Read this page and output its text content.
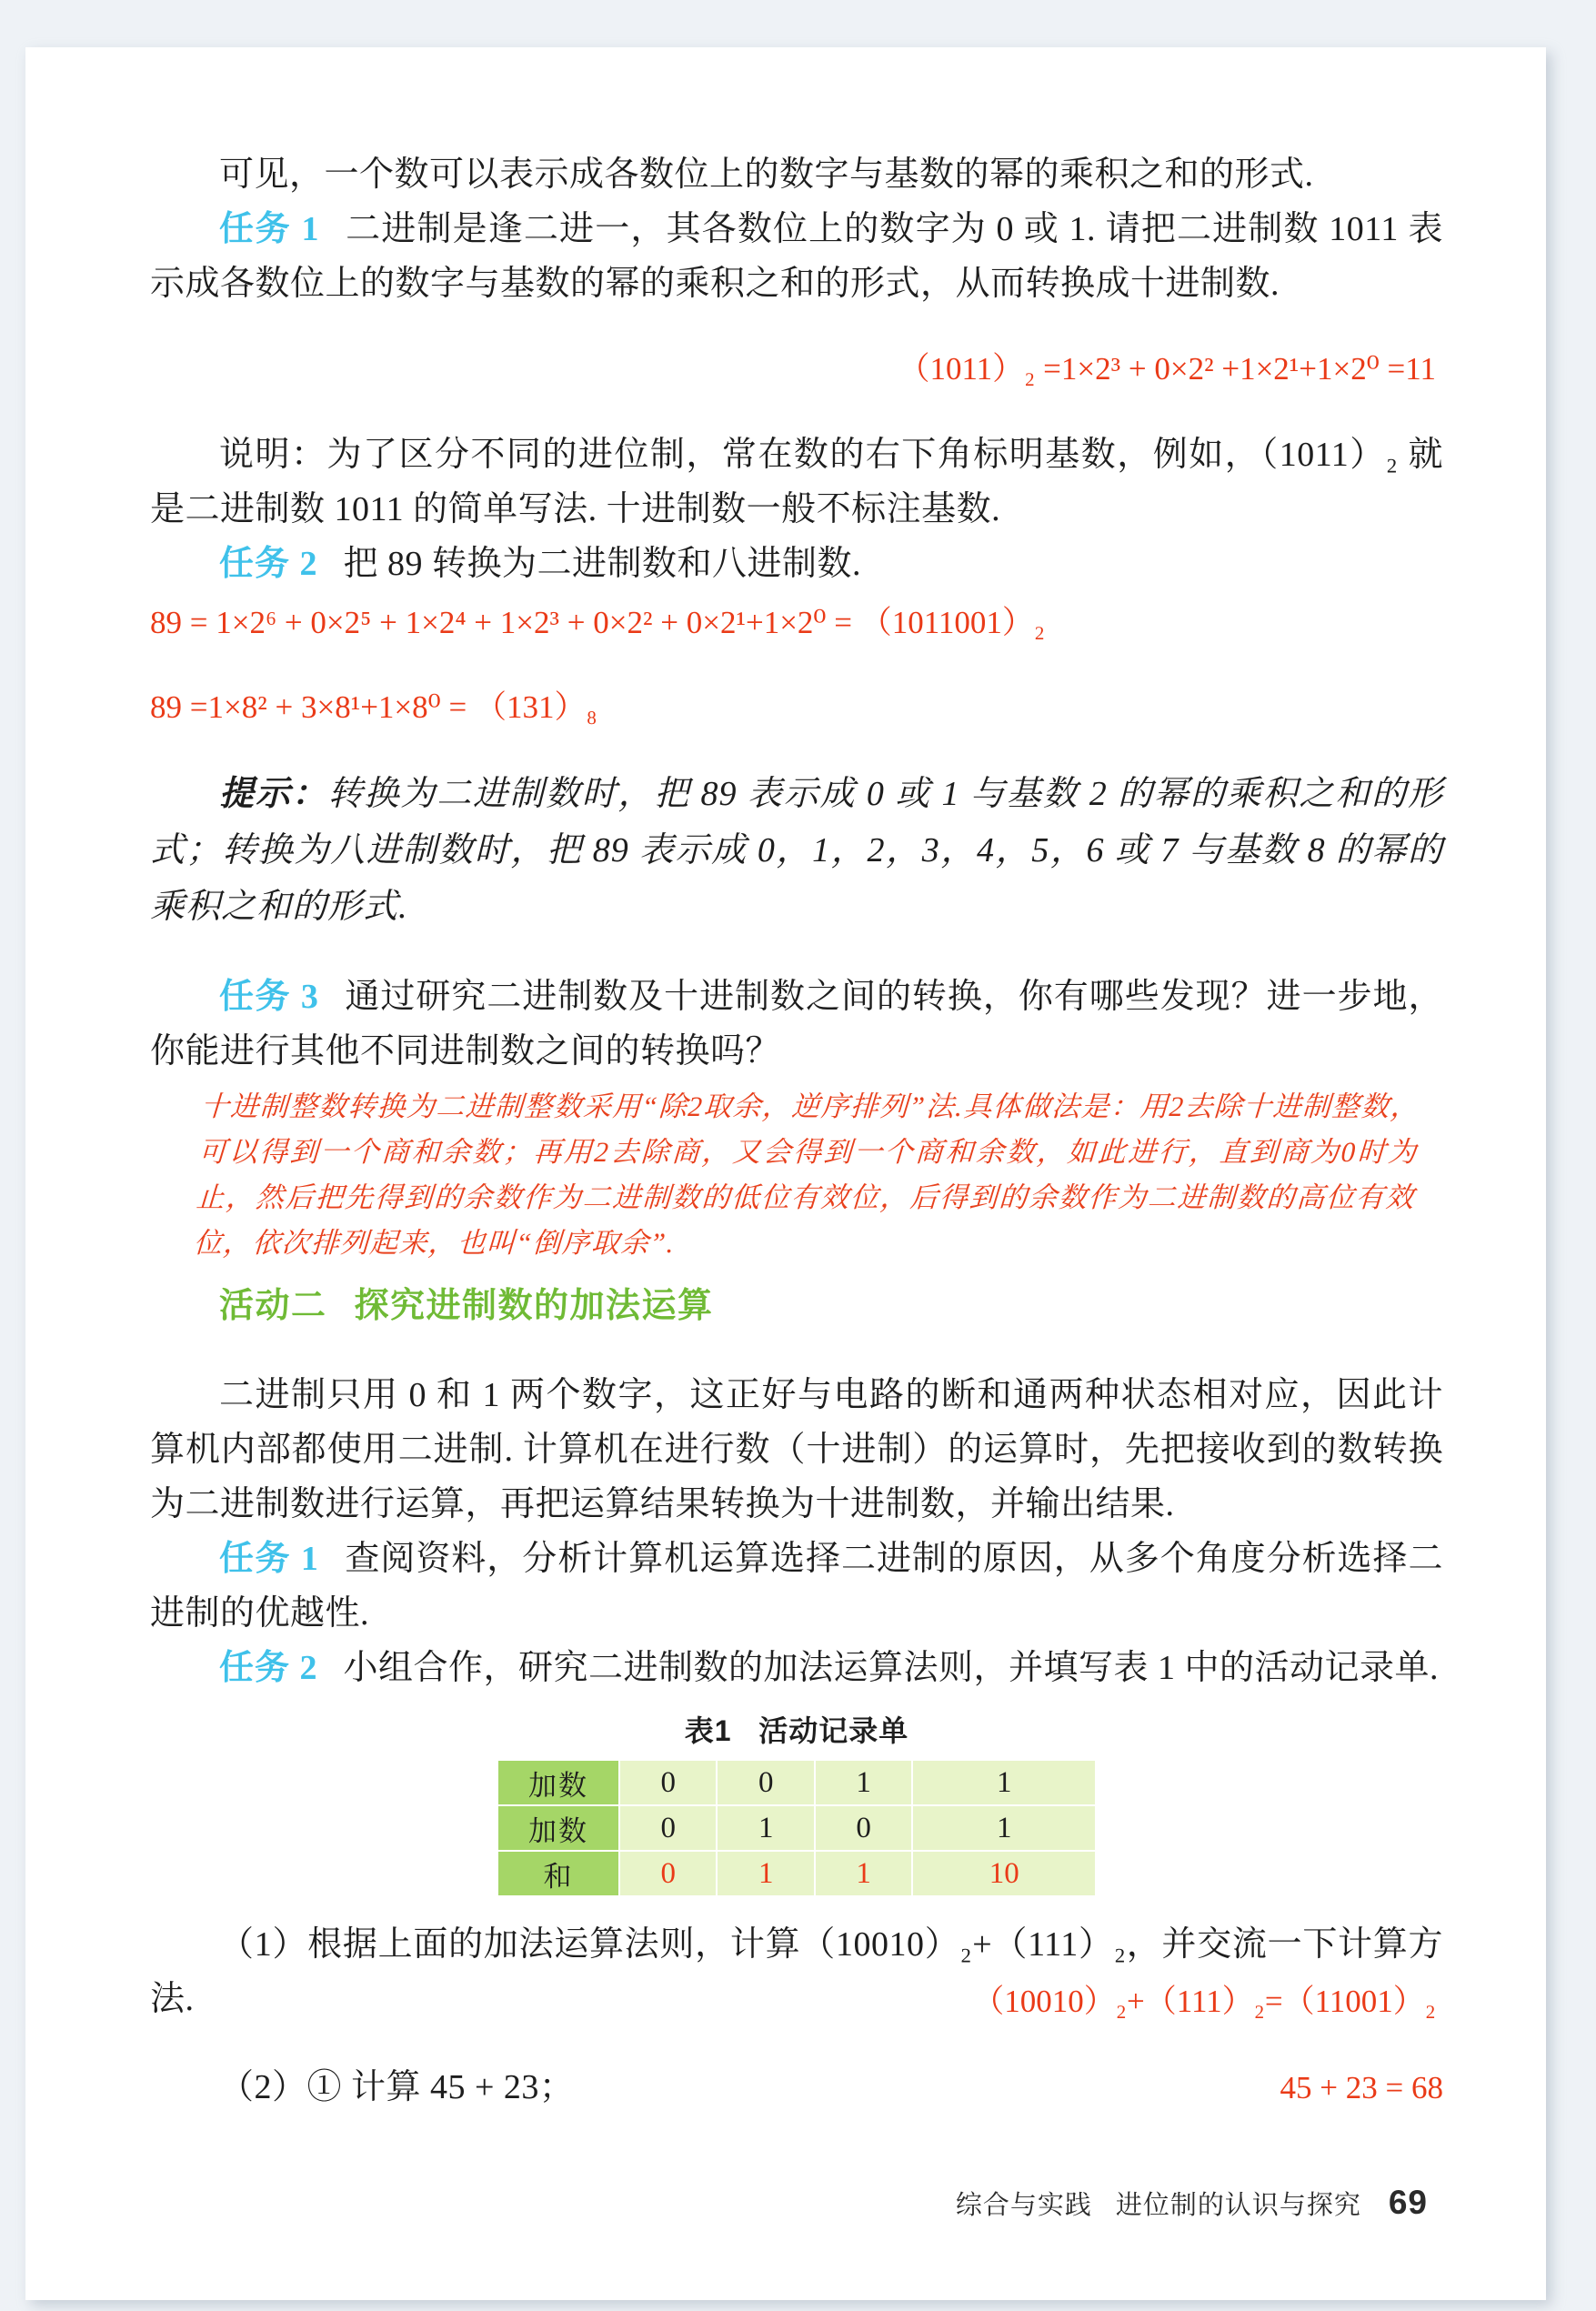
可见，一个数可以表示成各数位上的数字与基数的幂的乘积之和的形式.

任务 1 二进制是逢二进一，其各数位上的数字为 0 或 1. 请把二进制数 1011 表示成各数位上的数字与基数的幂的乘积之和的形式，从而转换成十进制数.

（1011）₂ =1×2³ + 0×2² +1×2¹+1×2⁰ =11

说明：为了区分不同的进位制，常在数的右下角标明基数，例如，（1011）₂ 就是二进制数 1011 的简单写法. 十进制数一般不标注基数.

任务 2 把 89 转换为二进制数和八进制数.

89 = 1×2⁶ + 0×2⁵ + 1×2⁴ + 1×2³ + 0×2² + 0×2¹+1×2⁰ = （1011001）₂

89 =1×8² + 3×8¹+1×8⁰ = （131）₈

提示：转换为二进制数时，把 89 表示成 0 或 1 与基数 2 的幂的乘积之和的形式；转换为八进制数时，把 89 表示成 0，1，2，3，4，5，6 或 7 与基数 8 的幂的乘积之和的形式.

任务 3 通过研究二进制数及十进制数之间的转换，你有哪些发现？进一步地，你能进行其他不同进制数之间的转换吗？

十进制整数转换为二进制整数采用“除2取余，逆序排列”法.具体做法是：用2去除十进制整数，可以得到一个商和余数；再用2去除商，又会得到一个商和余数，如此进行，直到商为0时为止，然后把先得到的余数作为二进制数的低位有效位，后得到的余数作为二进制数的高位有效位，依次排列起来，也叫“倒序取余”.

活动二 探究进制数的加法运算

二进制只用 0 和 1 两个数字，这正好与电路的断和通两种状态相对应，因此计算机内部都使用二进制. 计算机在进行数（十进制）的运算时，先把接收到的数转换为二进制数进行运算，再把运算结果转换为十进制数，并输出结果.

任务 1 查阅资料，分析计算机运算选择二进制的原因，从多个角度分析选择二进制的优越性.

任务 2 小组合作，研究二进制数的加法运算法则，并填写表 1 中的活动记录单.

表1 活动记录单
加数	0	0	1	1
加数	0	1	0	1
和	0	1	1	10

（1）根据上面的加法运算法则，计算（10010）₂+（111）₂，并交流一下计算方法.	（10010）₂+（111）₂=（11001）₂

（2）① 计算 45 + 23；	45 + 23 = 68
综合与实践 进位制的认识与探究 69
